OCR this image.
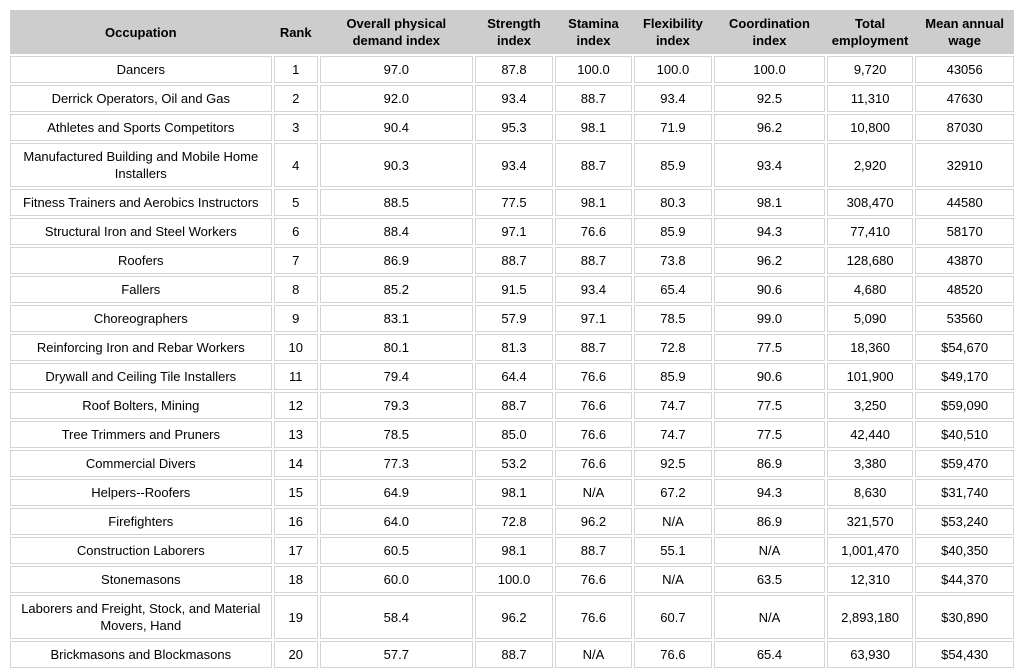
Occupation	Rank	Overall physical demand index	Strength index	Stamina index	Flexibility index	Coordination index	Total employment	Mean annual wage
Dancers	1	97.0	87.8	100.0	100.0	100.0	9,720	43056
Derrick Operators, Oil and Gas	2	92.0	93.4	88.7	93.4	92.5	11,310	47630
Athletes and Sports Competitors	3	90.4	95.3	98.1	71.9	96.2	10,800	87030
Manufactured Building and Mobile Home Installers	4	90.3	93.4	88.7	85.9	93.4	2,920	32910
Fitness Trainers and Aerobics Instructors	5	88.5	77.5	98.1	80.3	98.1	308,470	44580
Structural Iron and Steel Workers	6	88.4	97.1	76.6	85.9	94.3	77,410	58170
Roofers	7	86.9	88.7	88.7	73.8	96.2	128,680	43870
Fallers	8	85.2	91.5	93.4	65.4	90.6	4,680	48520
Choreographers	9	83.1	57.9	97.1	78.5	99.0	5,090	53560
Reinforcing Iron and Rebar Workers	10	80.1	81.3	88.7	72.8	77.5	18,360	$54,670
Drywall and Ceiling Tile Installers	11	79.4	64.4	76.6	85.9	90.6	101,900	$49,170
Roof Bolters, Mining	12	79.3	88.7	76.6	74.7	77.5	3,250	$59,090
Tree Trimmers and Pruners	13	78.5	85.0	76.6	74.7	77.5	42,440	$40,510
Commercial Divers	14	77.3	53.2	76.6	92.5	86.9	3,380	$59,470
Helpers--Roofers	15	64.9	98.1	N/A	67.2	94.3	8,630	$31,740
Firefighters	16	64.0	72.8	96.2	N/A	86.9	321,570	$53,240
Construction Laborers	17	60.5	98.1	88.7	55.1	N/A	1,001,470	$40,350
Stonemasons	18	60.0	100.0	76.6	N/A	63.5	12,310	$44,370
Laborers and Freight, Stock, and Material Movers, Hand	19	58.4	96.2	76.6	60.7	N/A	2,893,180	$30,890
Brickmasons and Blockmasons	20	57.7	88.7	N/A	76.6	65.4	63,930	$54,430
